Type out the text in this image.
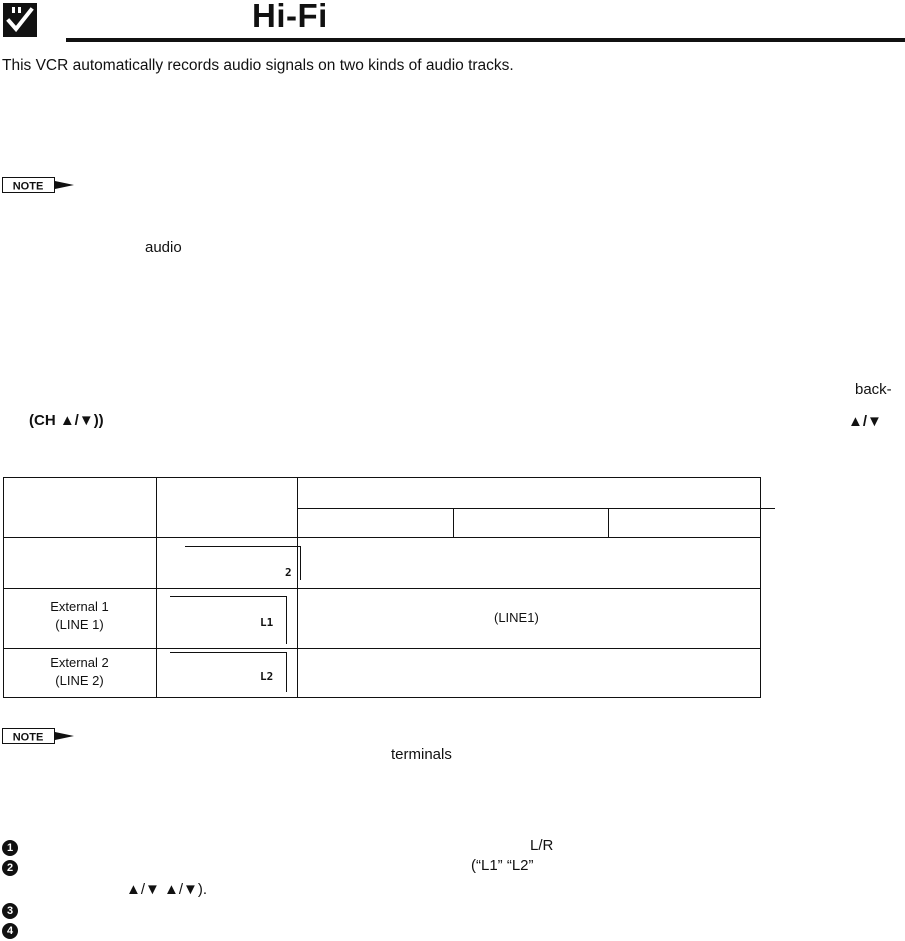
Hi-Fi
This VCR automatically records audio signals on two kinds of audio tracks.
NOTE
audio
back-
▲/▼
(CH ▲/▼))
2
External 1
(LINE 1)	L1	(LINE1)
External 2
(LINE 2)	L2
NOTE
terminals
1	L/R
2	(“L1” “L2”
▲/▼ ▲/▼).
3
4
